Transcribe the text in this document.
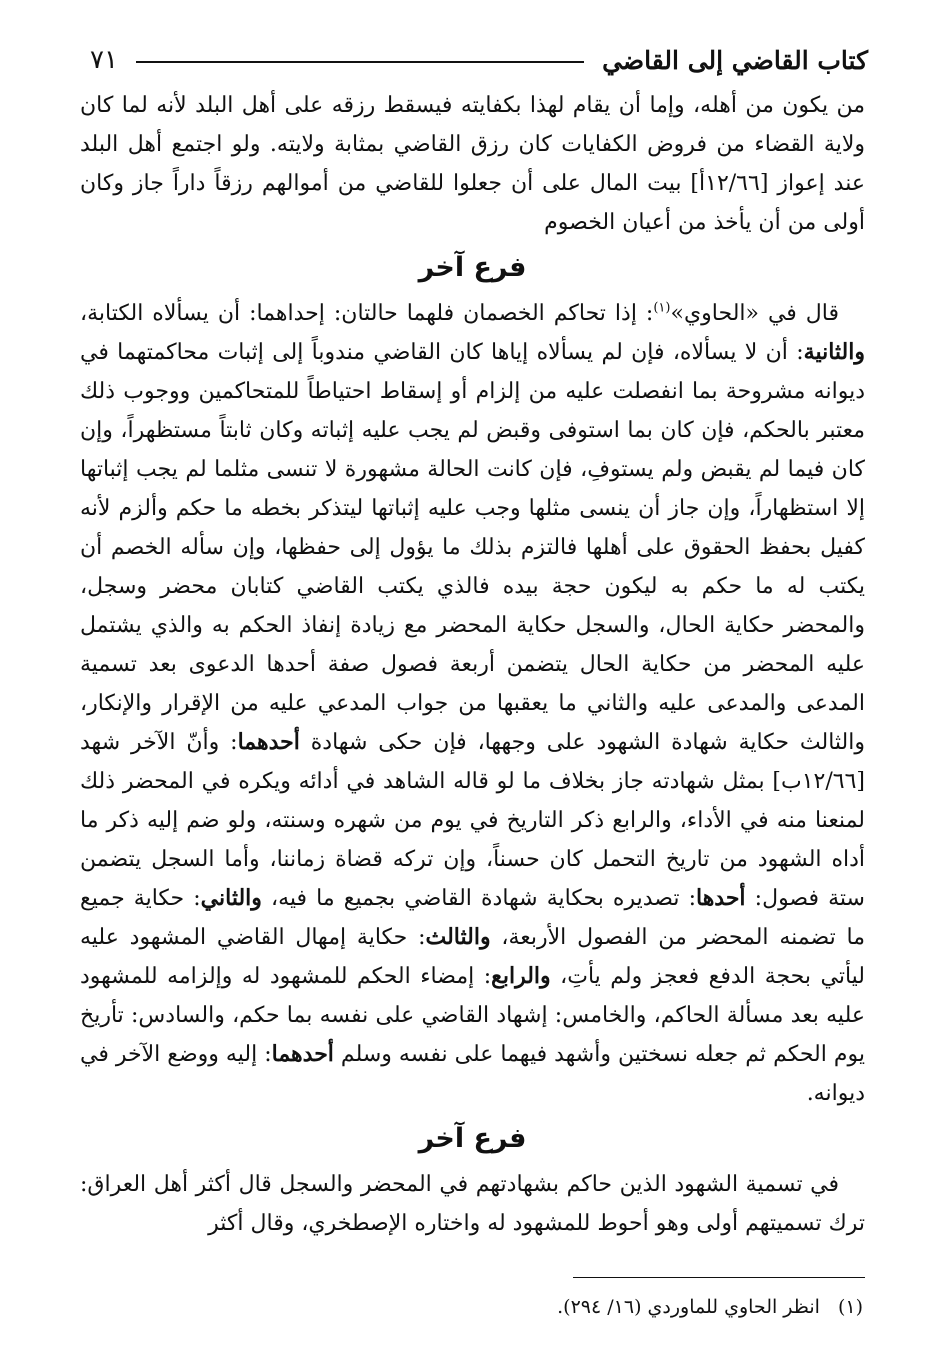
كتاب القاضي إلى القاضي
٧١

من يكون من أهله، وإما أن يقام لهذا بكفايته فيسقط رزقه على أهل البلد لأنه لما كان ولاية القضاء من فروض الكفايات كان رزق القاضي بمثابة ولايته. ولو اجتمع أهل البلد عند إعواز [١٢/٦٦أ] بيت المال على أن جعلوا للقاضي من أموالهم رزقاً داراً جاز وكان أولى من أن يأخذ من أعيان الخصوم

فرع آخر

قال في «الحاوي»$^{(١)}$: إذا تحاكم الخصمان فلهما حالتان: إحداهما: أن يسألاه الكتابة، والثانية: أن لا يسألاه، فإن لم يسألاه إياها كان القاضي مندوباً إلى إثبات محاكمتهما في ديوانه مشروحة بما انفصلت عليه من إلزام أو إسقاط احتياطاً للمتحاكمين ووجوب ذلك معتبر بالحكم، فإن كان بما استوفى وقبض لم يجب عليه إثباته وكان ثابتاً مستظهراً، وإن كان فيما لم يقبض ولم يستوفِ، فإن كانت الحالة مشهورة لا تنسى مثلما لم يجب إثباتها إلا استظهاراً، وإن جاز أن ينسى مثلها وجب عليه إثباتها ليتذكر بخطه ما حكم وألزم لأنه كفيل بحفظ الحقوق على أهلها فالتزم بذلك ما يؤول إلى حفظها، وإن سأله الخصم أن يكتب له ما حكم به ليكون حجة بيده فالذي يكتب القاضي كتابان محضر وسجل، والمحضر حكاية الحال، والسجل حكاية المحضر مع زيادة إنفاذ الحكم به والذي يشتمل عليه المحضر من حكاية الحال يتضمن أربعة فصول صفة أحدها الدعوى بعد تسمية المدعى والمدعى عليه والثاني ما يعقبها من جواب المدعي عليه من الإقرار والإنكار، والثالث حكاية شهادة الشهود على وجهها، فإن حكى شهادة أحدهما: وأنّ الآخر شهد [١٢/٦٦ب] بمثل شهادته جاز بخلاف ما لو قاله الشاهد في أدائه ويكره في المحضر ذلك لمنعنا منه في الأداء، والرابع ذكر التاريخ في يوم من شهره وسنته، ولو ضم إليه ذكر ما أداه الشهود من تاريخ التحمل كان حسناً، وإن تركه قضاة زماننا، وأما السجل يتضمن ستة فصول: أحدها: تصديره بحكاية شهادة القاضي بجميع ما فيه، والثاني: حكاية جميع ما تضمنه المحضر من الفصول الأربعة، والثالث: حكاية إمهال القاضي المشهود عليه ليأتي بحجة الدفع فعجز ولم يأتِ، والرابع: إمضاء الحكم للمشهود له وإلزامه للمشهود عليه بعد مسألة الحاكم، والخامس: إشهاد القاضي على نفسه بما حكم، والسادس: تأريخ يوم الحكم ثم جعله نسختين وأشهد فيهما على نفسه وسلم أحدهما: إليه ووضع الآخر في ديوانه.

فرع آخر

في تسمية الشهود الذين حاكم بشهادتهم في المحضر والسجل قال أكثر أهل العراق: ترك تسميتهم أولى وهو أحوط للمشهود له واختاره الإصطخري، وقال أكثر

(١)انظر الحاوي للماوردي (١٦/ ٢٩٤).
